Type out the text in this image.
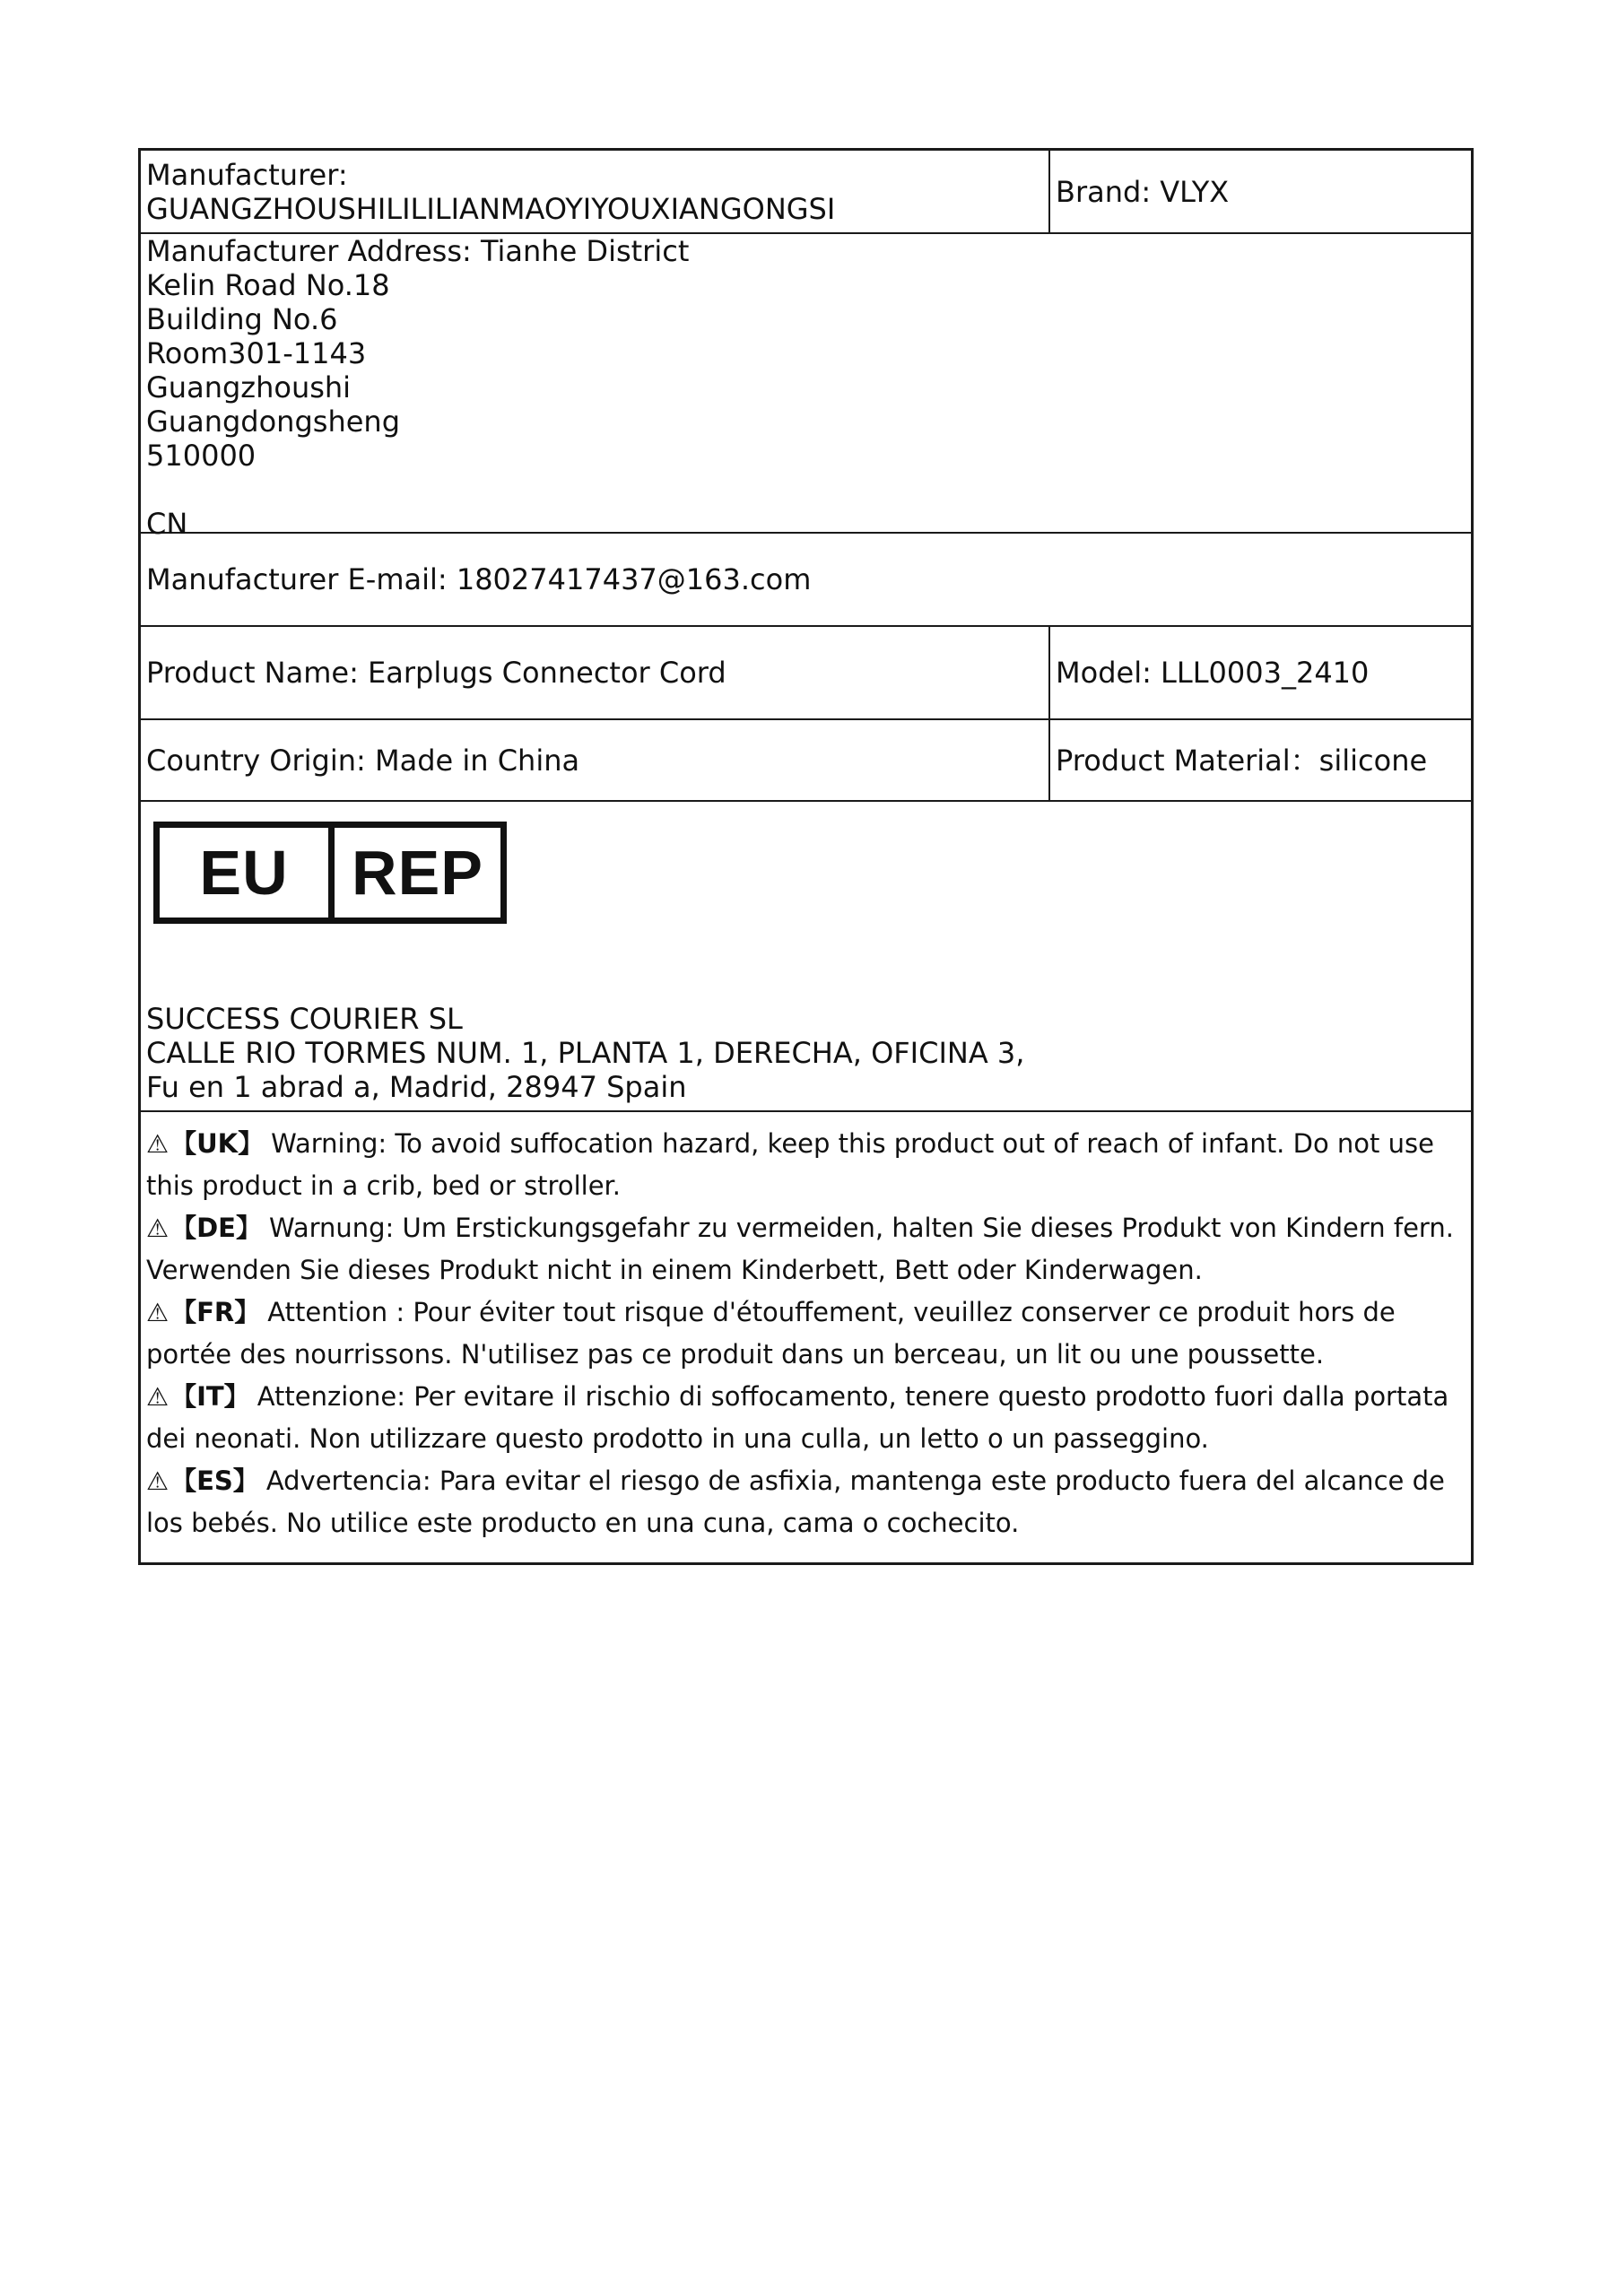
Manufacturer: GUANGZHOUSHILILILIANMAOYIYOUXIANGONGSI	Brand: VLYX
Manufacturer Address: Tianhe District
Kelin Road No.18
Building No.6
Room301-1143
Guangzhoushi
Guangdongsheng
510000
CN
Manufacturer E-mail: 18027417437@163.com
Product Name: Earplugs Connector Cord	Model: LLL0003_2410
Country Origin: Made in China	Product Material：silicone
EU	REP
SUCCESS COURIER SL
CALLE RIO TORMES NUM. 1, PLANTA 1, DERECHA, OFICINA 3,
Fu en 1 abrad a, Madrid, 28947 Spain
⚠【UK】 Warning: To avoid suffocation hazard, keep this product out of reach of infant. Do not use this product in a crib, bed or stroller.
⚠【DE】 Warnung: Um Erstickungsgefahr zu vermeiden, halten Sie dieses Produkt von Kindern fern. Verwenden Sie dieses Produkt nicht in einem Kinderbett, Bett oder Kinderwagen.
⚠【FR】 Attention : Pour éviter tout risque d'étouffement, veuillez conserver ce produit hors de portée des nourrissons. N'utilisez pas ce produit dans un berceau, un lit ou une poussette.
⚠【IT】 Attenzione: Per evitare il rischio di soffocamento, tenere questo prodotto fuori dalla portata dei neonati. Non utilizzare questo prodotto in una culla, un letto o un passeggino.
⚠【ES】 Advertencia: Para evitar el riesgo de asfixia, mantenga este producto fuera del alcance de los bebés. No utilice este producto en una cuna, cama o cochecito.
